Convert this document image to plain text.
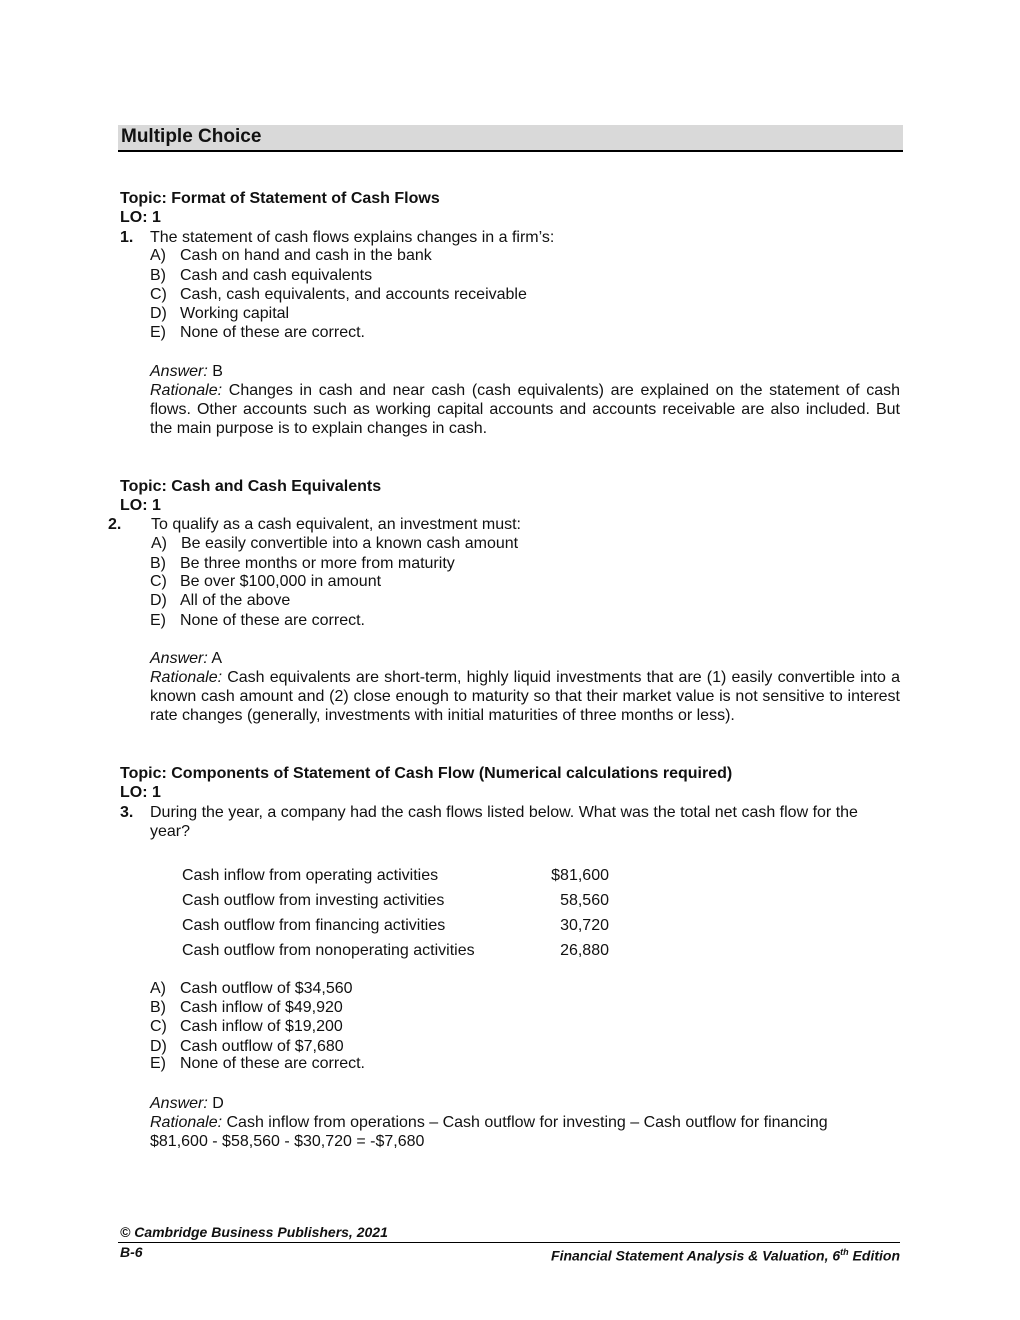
Multiple Choice
Topic: Format of Statement of Cash Flows
LO: 1
1. The statement of cash flows explains changes in a firm’s:
A) Cash on hand and cash in the bank
B) Cash and cash equivalents
C) Cash, cash equivalents, and accounts receivable
D) Working capital
E) None of these are correct.
Answer: B
Rationale: Changes in cash and near cash (cash equivalents) are explained on the statement of cash flows. Other accounts such as working capital accounts and accounts receivable are also included. But the main purpose is to explain changes in cash.
Topic: Cash and Cash Equivalents
LO: 1
2. To qualify as a cash equivalent, an investment must:
A) Be easily convertible into a known cash amount
B) Be three months or more from maturity
C) Be over $100,000 in amount
D) All of the above
E) None of these are correct.
Answer: A
Rationale: Cash equivalents are short-term, highly liquid investments that are (1) easily convertible into a known cash amount and (2) close enough to maturity so that their market value is not sensitive to interest rate changes (generally, investments with initial maturities of three months or less).
Topic: Components of Statement of Cash Flow (Numerical calculations required)
LO: 1
3. During the year, a company had the cash flows listed below. What was the total net cash flow for the year?
Cash inflow from operating activities	$81,600
Cash outflow from investing activities	58,560
Cash outflow from financing activities	30,720
Cash outflow from nonoperating activities	26,880
A) Cash outflow of $34,560
B) Cash inflow of $49,920
C) Cash inflow of $19,200
D) Cash outflow of $7,680
E) None of these are correct.
Answer: D
Rationale: Cash inflow from operations – Cash outflow for investing – Cash outflow for financing
$81,600 - $58,560 - $30,720 = -$7,680
© Cambridge Business Publishers, 2021
B-6	Financial Statement Analysis & Valuation, 6th Edition
